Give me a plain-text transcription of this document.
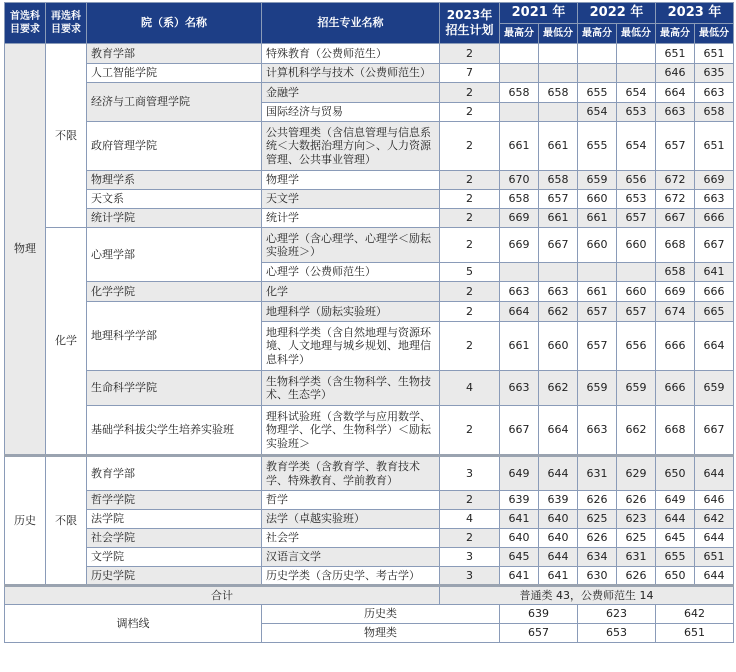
首选科目要求	再选科目要求	院（系）名称	招生专业名称	2023年招生计划	2021 年		2022 年		2023 年	
					最高分	最低分	最高分	最低分	最高分	最低分
物理	不限	教育学部	特殊教育（公费师范生）	2					651	651
		人工智能学院	计算机科学与技术（公费师范生）	7					646	635
		经济与工商管理学院	金融学	2	658	658	655	654	664	663
			国际经济与贸易	2			654	653	663	658
		政府管理学院	公共管理类（含信息管理与信息系统＜大数据治理方向＞、人力资源管理、公共事业管理）	2	661	661	655	654	657	651
		物理学系	物理学	2	670	658	659	656	672	669
		天文系	天文学	2	658	657	660	653	672	663
		统计学院	统计学	2	669	661	661	657	667	666
	化学	心理学部	心理学（含心理学、心理学＜励耘实验班＞）	2	669	667	660	660	668	667
			心理学（公费师范生）	5					658	641
		化学学院	化学	2	663	663	661	660	669	666
		地理科学学部	地理科学（励耘实验班）	2	664	662	657	657	674	665
			地理科学类（含自然地理与资源环境、人文地理与城乡规划、地理信息科学）	2	661	660	657	656	666	664
		生命科学学院	生物科学类（含生物科学、生物技术、生态学）	4	663	662	659	659	666	659
		基础学科拔尖学生培养实验班	理科试验班（含数学与应用数学、物理学、化学、生物科学）＜励耘实验班＞	2	667	664	663	662	668	667
历史	不限	教育学部	教育学类（含教育学、教育技术学、特殊教育、学前教育）	3	649	644	631	629	650	644
		哲学学院	哲学	2	639	639	626	626	649	646
		法学院	法学（卓越实验班）	4	641	640	625	623	644	642
		社会学院	社会学	2	640	640	626	625	645	644
		文学院	汉语言文学	3	645	644	634	631	655	651
		历史学院	历史学类（含历史学、考古学）	3	641	641	630	626	650	644
合计				普通类 43，公费师范生 14						
调档线			历史类		639		623		642	
			物理类		657		653		651	
